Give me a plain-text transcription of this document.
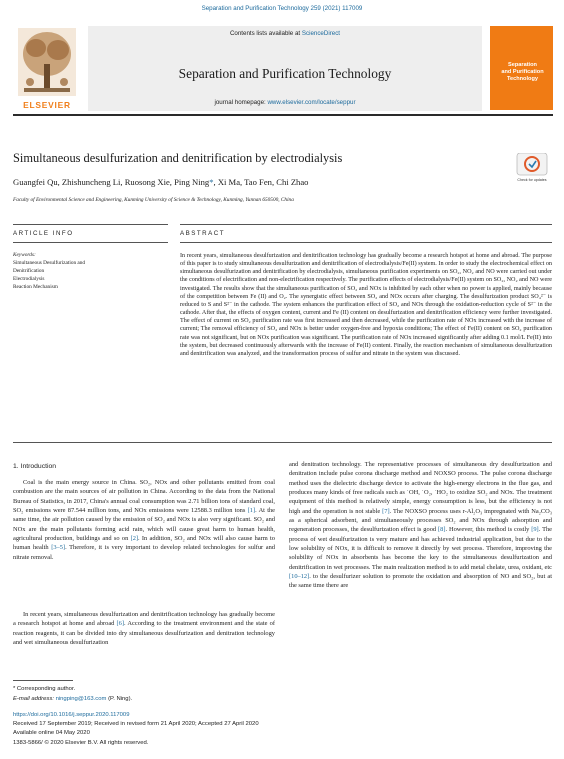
Separation and Purification Technology 259 (2021) 117009
ELSEVIER
Contents lists available at ScienceDirect
Separation and Purification Technology
journal homepage: www.elsevier.com/locate/seppur
Separation
and Purification
Technology
Simultaneous desulfurization and denitrification by electrodialysis
Guangfei Qu, Zhishuncheng Li, Ruosong Xie, Ping Ning*, Xi Ma, Tao Fen, Chi Zhao
Faculty of Environmental Science and Engineering, Kunming University of Science & Technology, Kunming, Yunnan 650500, China
Check for updates
ARTICLE INFO	ABSTRACT
Keywords:
Simultaneous Desulfurization and
Denitrification
Electrodialysis
Reaction Mechanism

In recent years, simultaneous desulfurization and denitrification technology has gradually become a research hotspot at home and abroad. The purpose of this paper is to study simultaneous desulfurization and denitrification of electrodialysis/Fe(II) system. In order to study the electrochemical effect on simultaneous desulfurization and denitrification by electrodialysis, simultaneous purification experiments on SO₂, NO₂ and NO were carried out under the conditions of electrification and non-electrification respectively. The purification effects of electrodialysis/Fe(II) system on SO₂, NO₂ and NO were investigated. The results show that the simultaneous purification of SO₂ and NOx is inhibited by each other when no power is applied, mainly because of the competition between Fe (II) and O₂. The synergistic effect between SO₂ and NOx occurs after charging. The desulfurization product SO₄²⁻ is reduced to S and S²⁻ in the cathode. The system enhances the purification effect of SO₂ and NOx through the oxidation-reduction cycle of S²⁻ in the cathode. After that, the effects of oxygen content, current and Fe (II) content on desulfurization and denitrification efficiency were further investigated. The effect of current on SO₂ purification rate was first increased and then decreased, while the purification rate of NOx increased with the increase of current; The removal efficiency of SO₂ and NOx is better under oxygen-free and hypoxia conditions; The effect of Fe(II) content on SO₂ purification rate was not significant, but on NOx purification was significant. The purification rate of NOx increased significantly after adding 0.1 mol/L Fe(II) into the system, but decreased continuously afterwards with the increase of Fe(II) content. Finally, the reaction mechanism of simultaneous desulfurization and denitrification was analyzed, and the transformation process of sulfur and nitrate in the system was discussed.

1. Introduction

Coal is the main energy source in China. SO₂, NOx and other pollutants emitted from coal combustion are the main sources of air pollution in China. According to the data from the National Bureau of Statistics, in 2017, China's annual coal consumption was 2.71 billion tons of standard coal, SO₂ emissions were 87.544 million tons, and NOx emissions were 12588.3 million tons [1]. At the same time, the air pollution caused by the emission of SO₂ and NOx is also very significant. SO₂ and NOx are the main pollutants forming acid rain, which will cause great harm to human health, agricultural production, buildings and so on [2]. In addition, SO₂ and NOx will also cause harm to human health [3–5]. Therefore, it is very important to develop related technologies for sulfur and nitrate removal.

In recent years, simultaneous desulfurization and denitrification technology has gradually become a research hotspot at home and abroad [6]. According to the treatment environment and the state of reaction reagents, it can be divided into dry simultaneous desulfurization and denitration technology and wet simultaneous desulfurization

and denitration technology. The representative processes of simultaneous dry desulfurization and denitration include pulse corona discharge method and NOXSO process. The pulse corona discharge method uses the dielectric discharge device to activate the high-energy electrons in the flue gas, and produces many kinds of free radicals such as ˙OH, ˙O₂, ˙HO₂ to oxidize SO₂ and NOx. The treatment equipment of this method is relatively simple, energy consumption is less, but the efficiency is not high and the operation is not stable [7]. The NOXSO process uses r-Al₂O₃ impregnated with Na₂CO₃ as a spherical adsorbent, and simultaneously processes SO₂ and NOx through adsorption and regeneration processes, the desulfurization effect is good [8]. However, this method is costly [9]. The process of wet desulfurization is very mature and has achieved industrial application, but due to the low solubility of NOx, it is difficult to remove it directly by wet process. Therefore, improving the solubility of NOx in absorbents has become the key to the simultaneous desulfurization and denitrification in wet processes. The main realization method is to add metal chelate, urea, oxidant, etc [10–12]. to the desulfurizer solution to promote the oxidation and absorption of NO and SO₂, but at the same time there are

* Corresponding author.
E-mail address: ningping@163.com (P. Ning).
https://doi.org/10.1016/j.seppur.2020.117009
Received 17 September 2019; Received in revised form 21 April 2020; Accepted 27 April 2020
Available online 04 May 2020
1383-5866/ © 2020 Elsevier B.V. All rights reserved.
